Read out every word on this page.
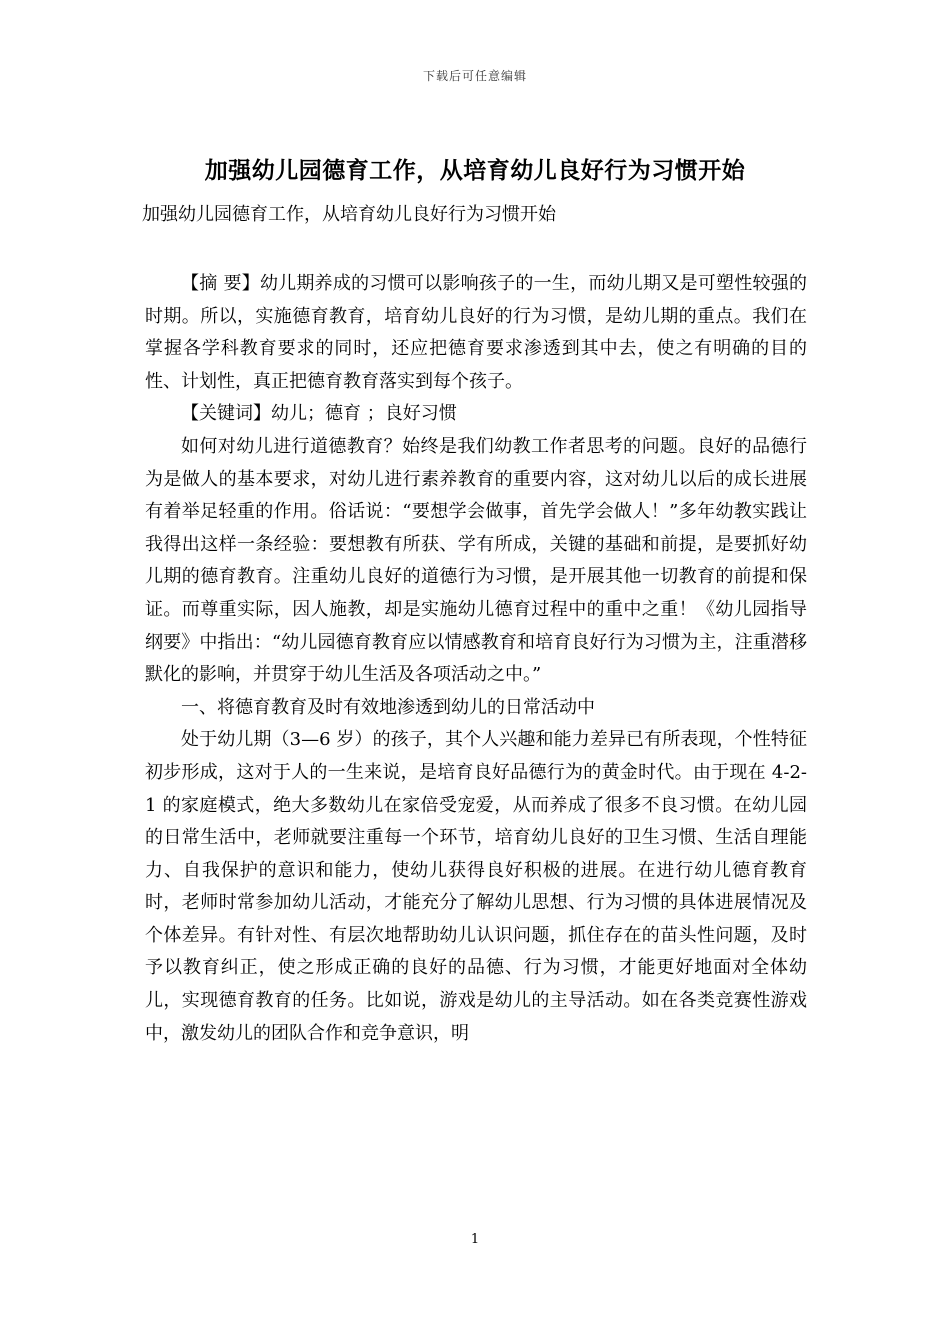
下载后可任意编辑
加强幼儿园德育工作，从培育幼儿良好行为习惯开始

加强幼儿园德育工作，从培育幼儿良好行为习惯开始

【摘 要】幼儿期养成的习惯可以影响孩子的一生，而幼儿期又是可塑性较强的时期。所以，实施德育教育，培育幼儿良好的行为习惯，是幼儿期的重点。我们在掌握各学科教育要求的同时，还应把德育要求渗透到其中去，使之有明确的目的性、计划性，真正把德育教育落实到每个孩子。

【关键词】幼儿；德育 ；良好习惯

如何对幼儿进行道德教育？始终是我们幼教工作者思考的问题。良好的品德行为是做人的基本要求，对幼儿进行素养教育的重要内容，这对幼儿以后的成长进展有着举足轻重的作用。俗话说：“要想学会做事，首先学会做人！”多年幼教实践让我得出这样一条经验：要想教有所获、学有所成，关键的基础和前提，是要抓好幼儿期的德育教育。注重幼儿良好的道德行为习惯，是开展其他一切教育的前提和保证。而尊重实际，因人施教，却是实施幼儿德育过程中的重中之重！《幼儿园指导纲要》中指出：“幼儿园德育教育应以情感教育和培育良好行为习惯为主，注重潜移默化的影响，并贯穿于幼儿生活及各项活动之中。”

一、将德育教育及时有效地渗透到幼儿的日常活动中

处于幼儿期（3—6 岁）的孩子，其个人兴趣和能力差异已有所表现，个性特征初步形成，这对于人的一生来说，是培育良好品德行为的黄金时代。由于现在 4-2-1 的家庭模式，绝大多数幼儿在家倍受宠爱，从而养成了很多不良习惯。在幼儿园的日常生活中，老师就要注重每一个环节，培育幼儿良好的卫生习惯、生活自理能力、自我保护的意识和能力，使幼儿获得良好积极的进展。在进行幼儿德育教育时，老师时常参加幼儿活动，才能充分了解幼儿思想、行为习惯的具体进展情况及个体差异。有针对性、有层次地帮助幼儿认识问题，抓住存在的苗头性问题，及时予以教育纠正，使之形成正确的良好的品德、行为习惯，才能更好地面对全体幼儿，实现德育教育的任务。比如说，游戏是幼儿的主导活动。如在各类竞赛性游戏中，激发幼儿的团队合作和竞争意识，明

1
